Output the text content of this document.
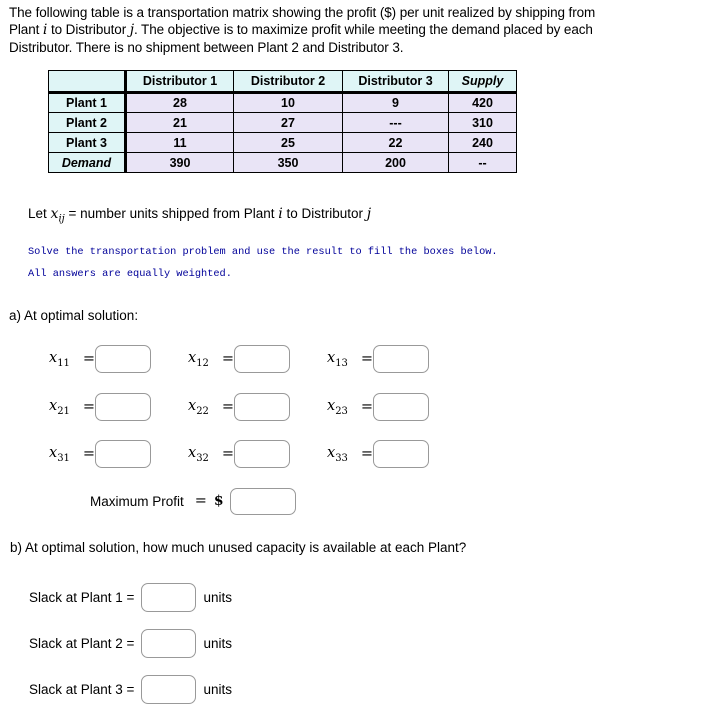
The following table is a transportation matrix showing the profit ($) per unit realized by shipping from
Plant i to Distributor j. The objective is to maximize profit while meeting the demand placed by each
Distributor. There is no shipment between Plant 2 and Distributor 3.
	Distributor 1	Distributor 2	Distributor 3	Supply
Plant 1	28	10	9	420
Plant 2	21	27	---	310
Plant 3	11	25	22	240
Demand	390	350	200	--
Let $x_{ij}$ = number units shipped from Plant i to Distributor j
Solve the transportation problem and use the result to fill the boxes below.
All answers are equally weighted.
a) At optimal solution:
$x_{11}$ =	$x_{12}$ =	$x_{13}$ =
$x_{21}$ =	$x_{22}$ =	$x_{23}$ =
$x_{31}$ =	$x_{32}$ =	$x_{33}$ =
Maximum Profit = $
b) At optimal solution, how much unused capacity is available at each Plant?
Slack at Plant 1 =	units
Slack at Plant 2 =	units
Slack at Plant 3 =	units
